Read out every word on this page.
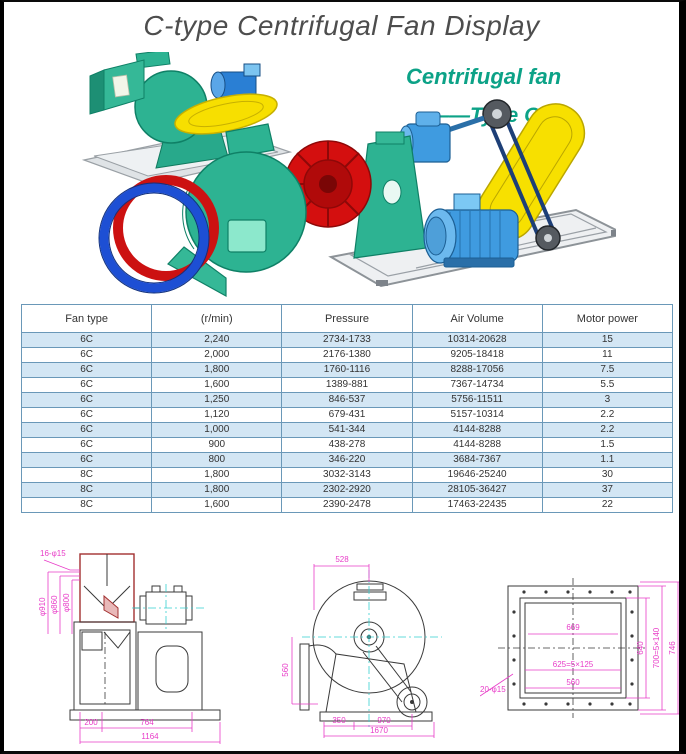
C-type Centrifugal Fan Display
Centrifugal fan
——Type
Fan type	(r/min)	Pressure	Air Volume	Motor power
6C	2,240	2734-1733	10314-20628	15
6C	2,000	2176-1380	9205-18418	11
6C	1,800	1760-1116	8288-17056	7.5
6C	1,600	1389-881	7367-14734	5.5
6C	1,250	846-537	5756-11511	3
6C	1,120	679-431	5157-10314	2.2
6C	1,000	541-344	4144-8288	2.2
6C	900	438-278	4144-8288	1.5
6C	800	346-220	3684-7367	1.1
8C	1,800	3032-3143	19646-25240	30
8C	1,800	2302-2920	28105-36427	37
8C	1,600	2390-2478	17463-22435	22
16-φ15
φ910 φ860 φ800
200	764
1164
528
560
350	970
1670
669
625=5×125
560
640 700=5×140 746
20-φ15
